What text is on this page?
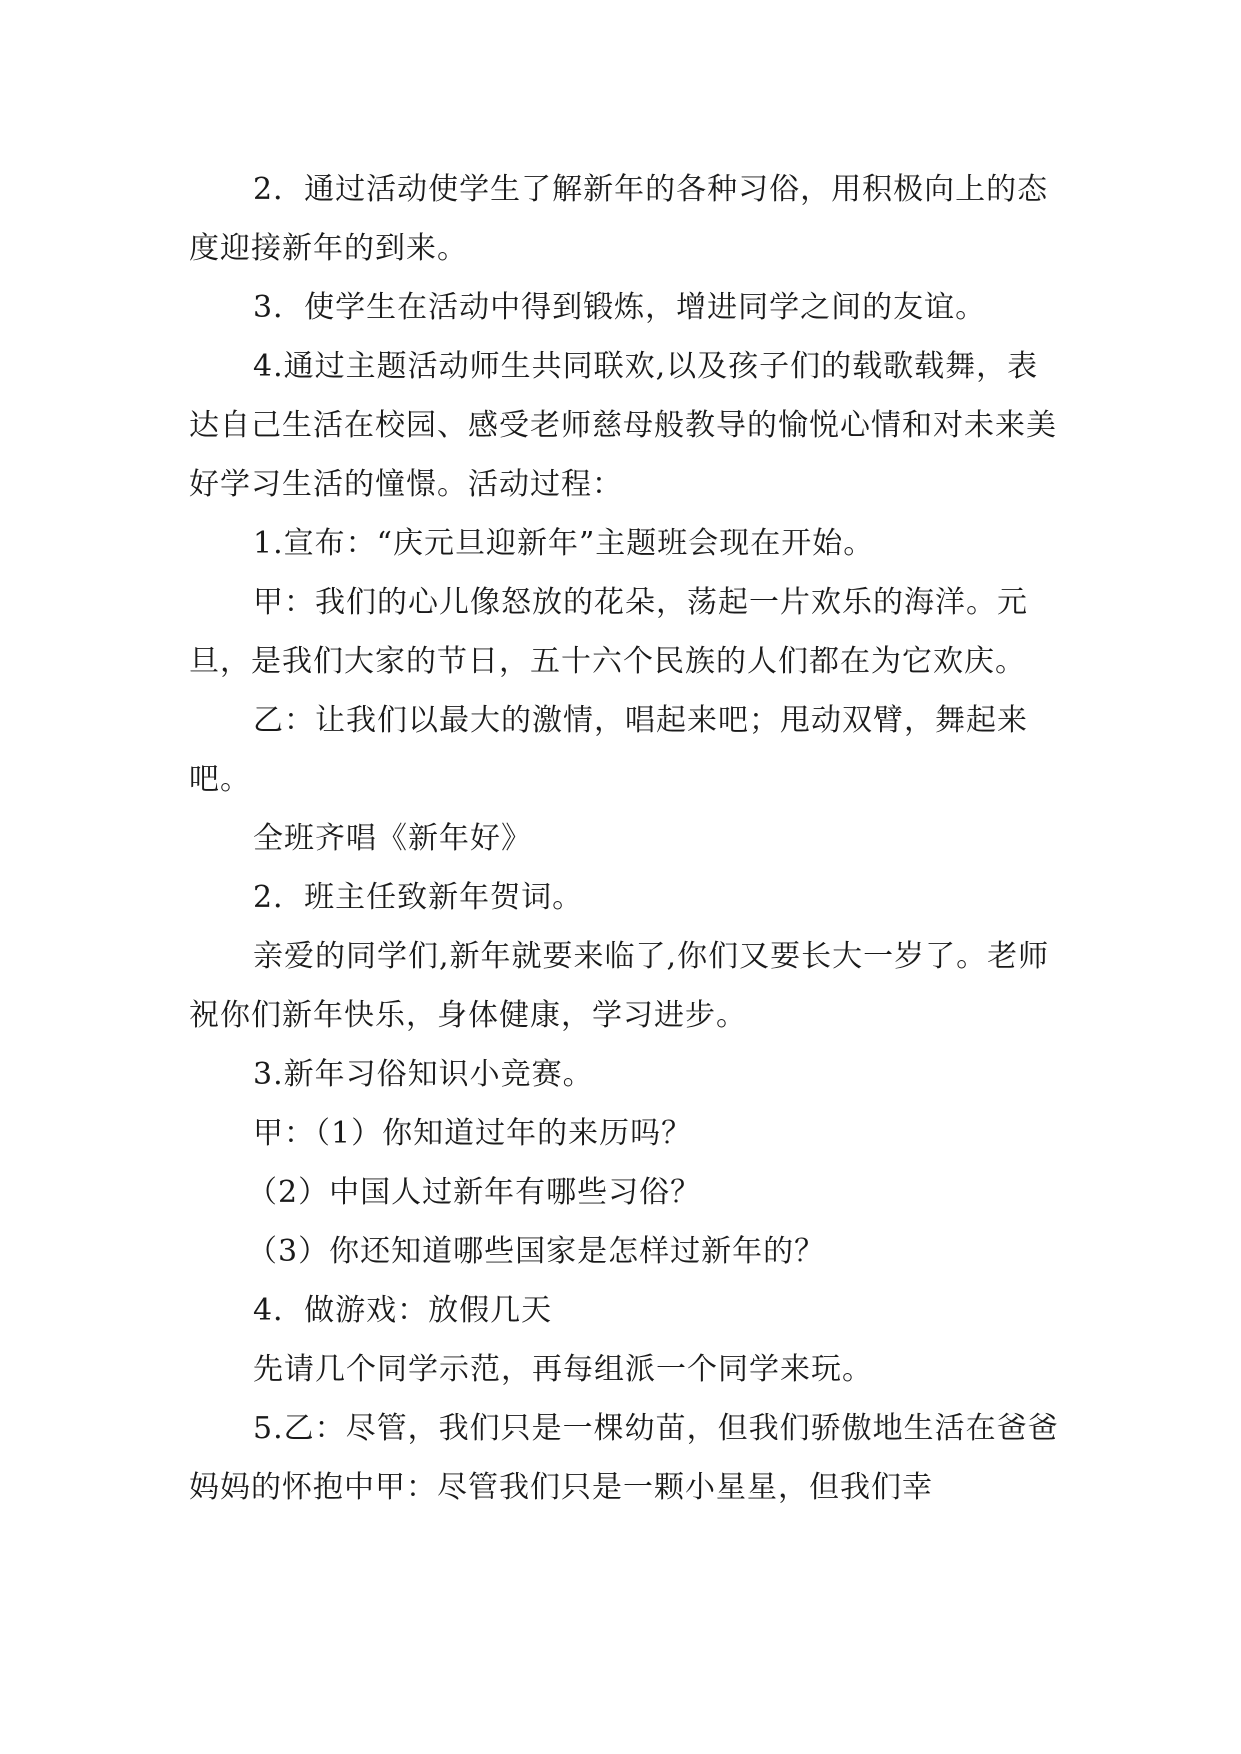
2．通过活动使学生了解新年的各种习俗，用积极向上的态度迎接新年的到来。

3．使学生在活动中得到锻炼，增进同学之间的友谊。

4.通过主题活动师生共同联欢,以及孩子们的载歌载舞，表达自己生活在校园、感受老师慈母般教导的愉悦心情和对未来美好学习生活的憧憬。活动过程：

1.宣布：“庆元旦迎新年”主题班会现在开始。

甲：我们的心儿像怒放的花朵，荡起一片欢乐的海洋。元旦，是我们大家的节日，五十六个民族的人们都在为它欢庆。

乙：让我们以最大的激情，唱起来吧；甩动双臂，舞起来吧。

全班齐唱《新年好》

2．班主任致新年贺词。

亲爱的同学们,新年就要来临了,你们又要长大一岁了。老师祝你们新年快乐，身体健康，学习进步。

3.新年习俗知识小竞赛。

甲：（1）你知道过年的来历吗？

（2）中国人过新年有哪些习俗？

（3）你还知道哪些国家是怎样过新年的？

4．做游戏：放假几天

先请几个同学示范，再每组派一个同学来玩。

5.乙：尽管，我们只是一棵幼苗，但我们骄傲地生活在爸爸妈妈的怀抱中甲：尽管我们只是一颗小星星，但我们幸
